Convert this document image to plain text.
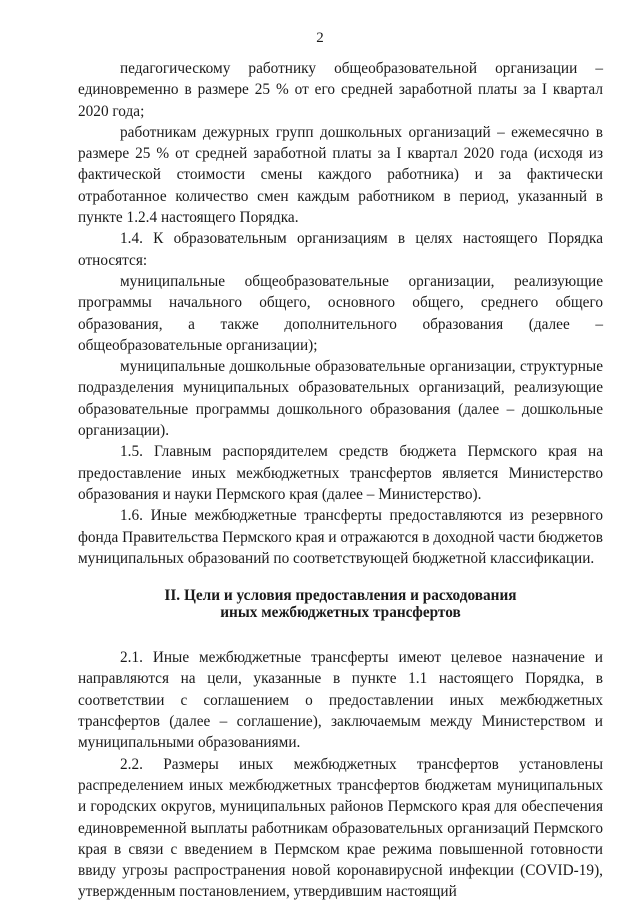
2

педагогическому работнику общеобразовательной организации – единовременно в размере 25 % от его средней заработной платы за I квартал 2020 года;

работникам дежурных групп дошкольных организаций – ежемесячно в размере 25 % от средней заработной платы за I квартал 2020 года (исходя из фактической стоимости смены каждого работника) и за фактически отработанное количество смен каждым работником в период, указанный в пункте 1.2.4 настоящего Порядка.

1.4. К образовательным организациям в целях настоящего Порядка относятся:

муниципальные общеобразовательные организации, реализующие программы начального общего, основного общего, среднего общего образования, а также дополнительного образования (далее – общеобразовательные организации);

муниципальные дошкольные образовательные организации, структурные подразделения муниципальных образовательных организаций, реализующие образовательные программы дошкольного образования (далее – дошкольные организации).

1.5. Главным распорядителем средств бюджета Пермского края на предоставление иных межбюджетных трансфертов является Министерство образования и науки Пермского края (далее – Министерство).

1.6. Иные межбюджетные трансферты предоставляются из резервного фонда Правительства Пермского края и отражаются в доходной части бюджетов муниципальных образований по соответствующей бюджетной классификации.

II. Цели и условия предоставления и расходования
иных межбюджетных трансфертов

2.1. Иные межбюджетные трансферты имеют целевое назначение и направляются на цели, указанные в пункте 1.1 настоящего Порядка, в соответствии с соглашением о предоставлении иных межбюджетных трансфертов (далее – соглашение), заключаемым между Министерством и муниципальными образованиями.

2.2. Размеры иных межбюджетных трансфертов установлены распределением иных межбюджетных трансфертов бюджетам муниципальных и городских округов, муниципальных районов Пермского края для обеспечения единовременной выплаты работникам образовательных организаций Пермского края в связи с введением в Пермском крае режима повышенной готовности ввиду угрозы распространения новой коронавирусной инфекции (COVID-19), утвержденным постановлением, утвердившим настоящий
